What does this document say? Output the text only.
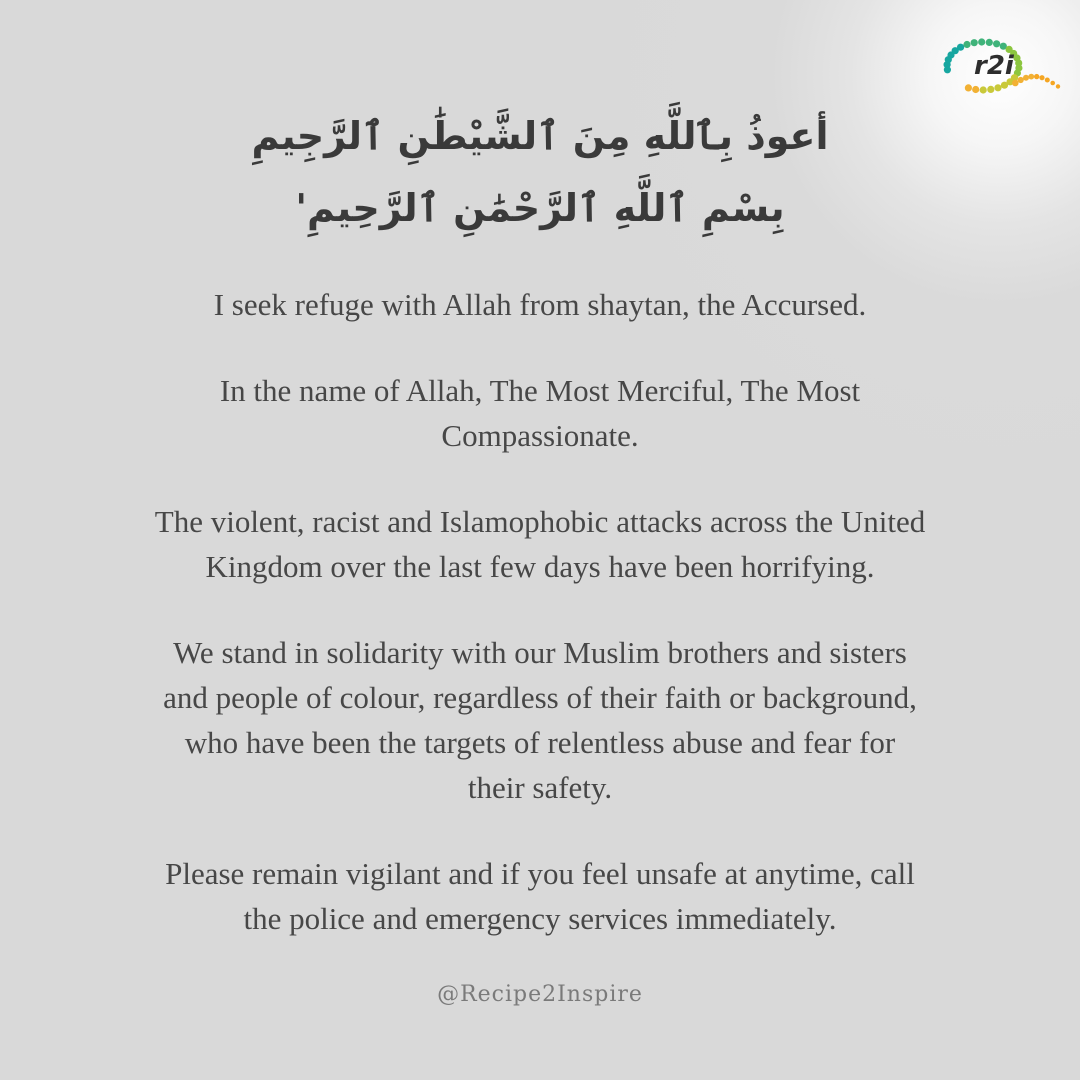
r2i
أعوذُ بِٱللَّهِ مِنَ ٱلشَّيْطَٰنِ ٱلرَّجِيمِ
بِسْمِ ٱللَّهِ ٱلرَّحْمَٰنِ ٱلرَّحِيمِ'

I seek refuge with Allah from shaytan, the Accursed.

In the name of Allah, The Most Merciful, The Most
Compassionate.

The violent, racist and Islamophobic attacks across the United
Kingdom over the last few days have been horrifying.

We stand in solidarity with our Muslim brothers and sisters
and people of colour, regardless of their faith or background,
who have been the targets of relentless abuse and fear for
their safety.

Please remain vigilant and if you feel unsafe at anytime, call
the police and emergency services immediately.

@Recipe2Inspire
